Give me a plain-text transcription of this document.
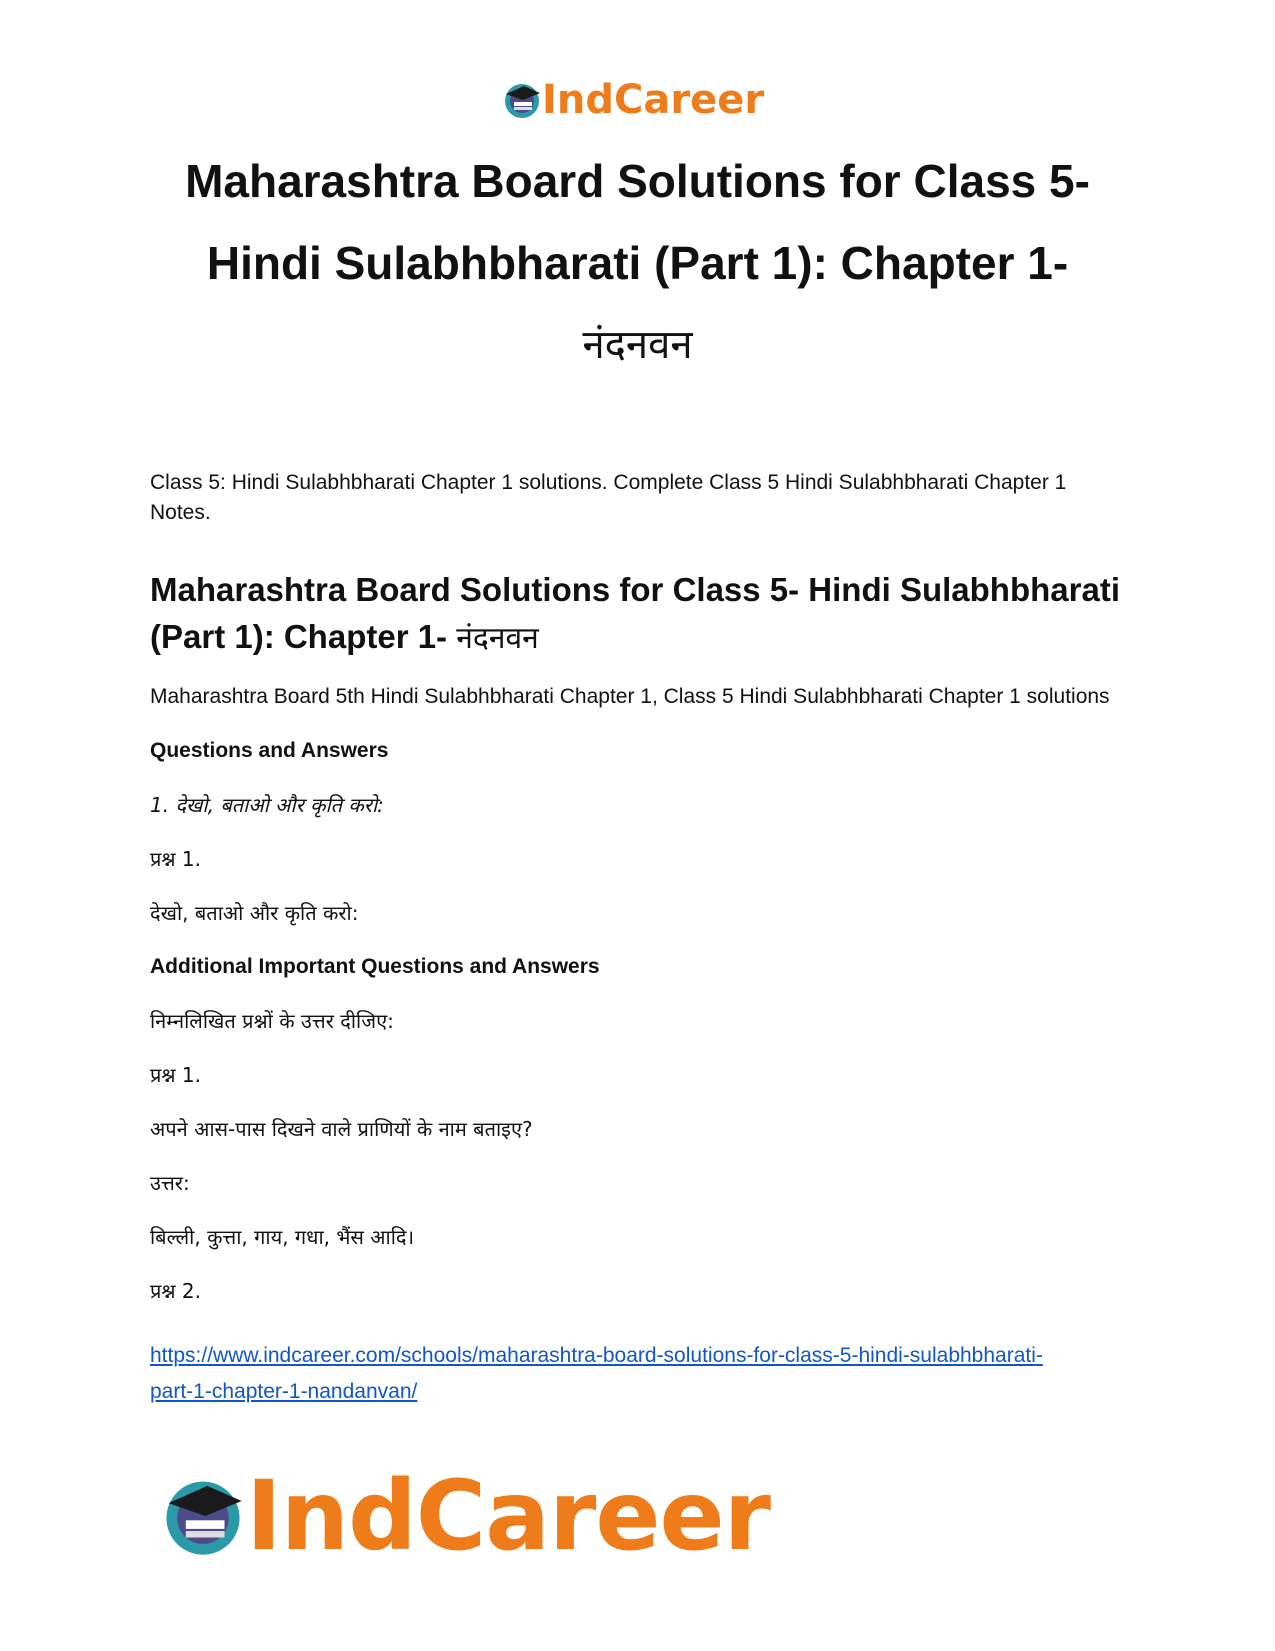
IndCareer
Maharashtra Board Solutions for Class 5-
Hindi Sulabhbharati (Part 1): Chapter 1-
नंदनवन

Class 5: Hindi Sulabhbharati Chapter 1 solutions. Complete Class 5 Hindi Sulabhbharati Chapter 1 Notes.

Maharashtra Board Solutions for Class 5- Hindi Sulabhbharati (Part 1): Chapter 1- नंदनवन

Maharashtra Board 5th Hindi Sulabhbharati Chapter 1, Class 5 Hindi Sulabhbharati Chapter 1 solutions

Questions and Answers

1. देखो, बताओ और कृति करो:

प्रश्न 1.

देखो, बताओ और कृति करो:

Additional Important Questions and Answers

निम्नलिखित प्रश्नों के उत्तर दीजिए:

प्रश्न 1.

अपने आस-पास दिखने वाले प्राणियों के नाम बताइए?

उत्तर:

बिल्ली, कुत्ता, गाय, गधा, भैंस आदि।

प्रश्न 2.

https://www.indcareer.com/schools/maharashtra-board-solutions-for-class-5-hindi-sulabhbharati-
part-1-chapter-1-nandanvan/
IndCareer
